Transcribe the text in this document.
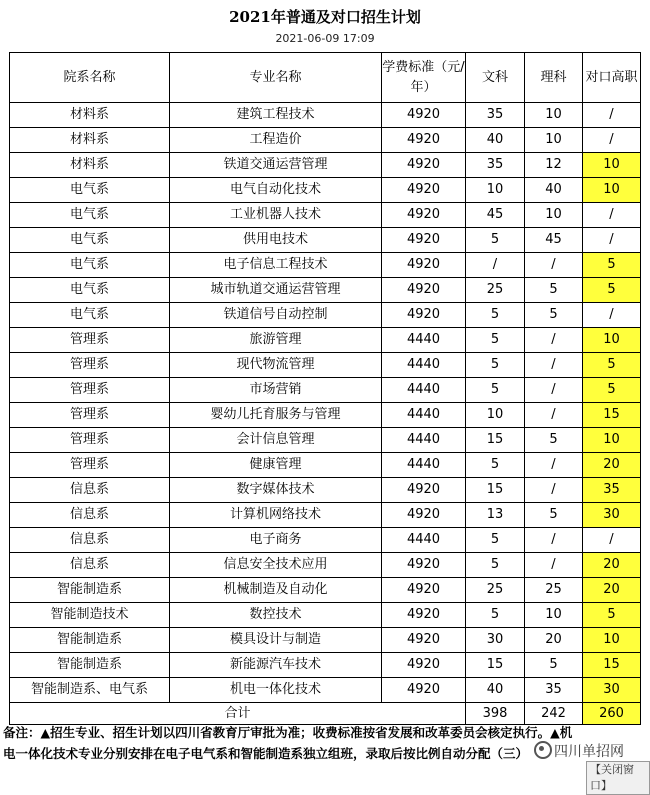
2021年普通及对口招生计划
2021-06-09 17:09
院系名称	专业名称	学费标准（元/年）	文科	理科	对口高职
材料系	建筑工程技术	4920	35	10	/
材料系	工程造价	4920	40	10	/
材料系	铁道交通运营管理	4920	35	12	10
电气系	电气自动化技术	4920	10	40	10
电气系	工业机器人技术	4920	45	10	/
电气系	供用电技术	4920	5	45	/
电气系	电子信息工程技术	4920	/	/	5
电气系	城市轨道交通运营管理	4920	25	5	5
电气系	铁道信号自动控制	4920	5	5	/
管理系	旅游管理	4440	5	/	10
管理系	现代物流管理	4440	5	/	5
管理系	市场营销	4440	5	/	5
管理系	婴幼儿托育服务与管理	4440	10	/	15
管理系	会计信息管理	4440	15	5	10
管理系	健康管理	4440	5	/	20
信息系	数字媒体技术	4920	15	/	35
信息系	计算机网络技术	4920	13	5	30
信息系	电子商务	4440	5	/	/
信息系	信息安全技术应用	4920	5	/	20
智能制造系	机械制造及自动化	4920	25	25	20
智能制造技术	数控技术	4920	5	10	5
智能制造系	模具设计与制造	4920	30	20	10
智能制造系	新能源汽车技术	4920	15	5	15
智能制造系、电气系	机电一体化技术	4920	40	35	30
合计			398	242	260
备注：▲招生专业、招生计划以四川省教育厅审批为准；收费标准按省发展和改革委员会核定执行。▲机
电一体化技术专业分别安排在电子电气系和智能制造系独立组班，录取后按比例自动分配（三）	四川单招网
【关闭窗口】
